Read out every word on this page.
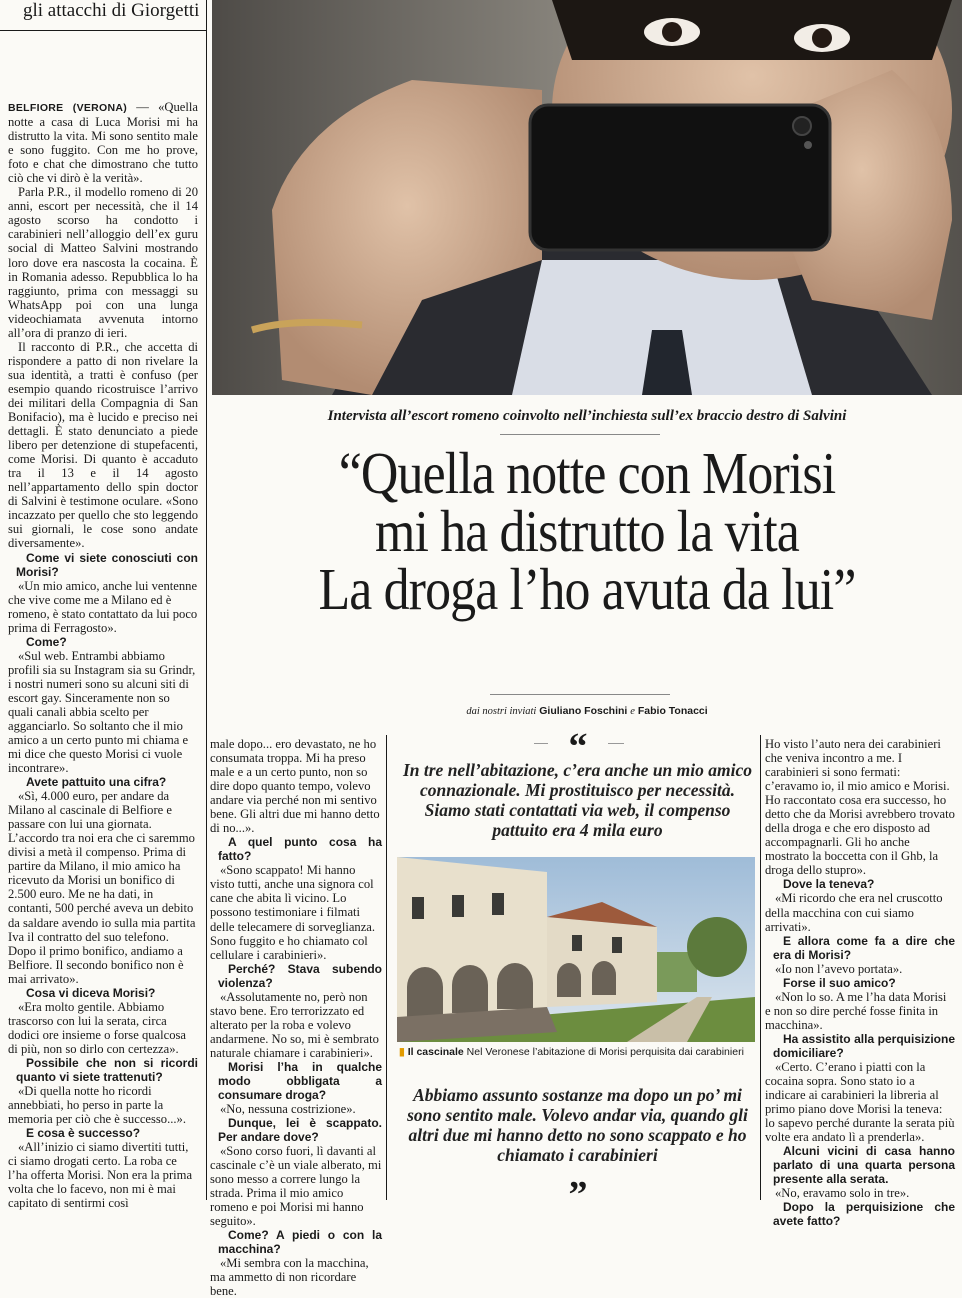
gli attacchi di Giorgetti
Intervista all’escort romeno coinvolto nell’inchiesta sull’ex braccio destro di Salvini
“Quella notte con Morisi
mi ha distrutto la vita
La droga l’ho avuta da lui”
dai nostri inviati Giuliano Foschini e Fabio Tonacci

BELFIORE (VERONA) — «Quella notte a casa di Luca Morisi mi ha distrutto la vita. Mi sono sentito male e sono fuggito. Con me ho prove, foto e chat che dimostrano che tutto ciò che vi dirò è la verità».

Parla P.R., il modello romeno di 20 anni, escort per necessità, che il 14 agosto scorso ha condotto i carabinieri nell’alloggio dell’ex guru social di Matteo Salvini mostrando loro dove era nascosta la cocaina. È in Romania adesso. Repubblica lo ha raggiunto, prima con messaggi su WhatsApp poi con una lunga videochiamata avvenuta intorno all’ora di pranzo di ieri.

Il racconto di P.R., che accetta di rispondere a patto di non rivelare la sua identità, a tratti è confuso (per esempio quando ricostruisce l’arrivo dei militari della Compagnia di San Bonifacio), ma è lucido e preciso nei dettagli. È stato denunciato a piede libero per detenzione di stupefacenti, come Morisi. Di quanto è accaduto tra il 13 e il 14 agosto nell’appartamento dello spin doctor di Salvini è testimone oculare. «Sono incazzato per quello che sto leggendo sui giornali, le cose sono andate diversamente».

Come vi siete conosciuti con Morisi?

«Un mio amico, anche lui ventenne che vive come me a Milano ed è romeno, è stato contattato da lui poco prima di Ferragosto».

Come?

«Sul web. Entrambi abbiamo profili sia su Instagram sia su Grindr, i nostri numeri sono su alcuni siti di escort gay. Sinceramente non so quali canali abbia scelto per agganciarlo. So soltanto che il mio amico a un certo punto mi chiama e mi dice che questo Morisi ci vuole incontrare».

Avete pattuito una cifra?

«Sì, 4.000 euro, per andare da Milano al cascinale di Belfiore e passare con lui una giornata. L’accordo tra noi era che ci saremmo divisi a metà il compenso. Prima di partire da Milano, il mio amico ha ricevuto da Morisi un bonifico di 2.500 euro. Me ne ha dati, in contanti, 500 perché aveva un debito da saldare avendo io sulla mia partita Iva il contratto del suo telefono. Dopo il primo bonifico, andiamo a Belfiore. Il secondo bonifico non è mai arrivato».

Cosa vi diceva Morisi?

«Era molto gentile. Abbiamo trascorso con lui la serata, circa dodici ore insieme o forse qualcosa di più, non so dirlo con certezza».

Possibile che non si ricordi quanto vi siete trattenuti?

«Di quella notte ho ricordi annebbiati, ho perso in parte la memoria per ciò che è successo...».

E cosa è successo?

«All’inizio ci siamo divertiti tutti, ci siamo drogati certo. La roba ce l’ha offerta Morisi. Non era la prima volta che lo facevo, non mi è mai capitato di sentirmi così

male dopo... ero devastato, ne ho consumata troppa. Mi ha preso male e a un certo punto, non so dire dopo quanto tempo, volevo andare via perché non mi sentivo bene. Gli altri due mi hanno detto di no...».

A quel punto cosa ha fatto?

«Sono scappato! Mi hanno visto tutti, anche una signora col cane che abita lì vicino. Lo possono testimoniare i filmati delle telecamere di sorveglianza. Sono fuggito e ho chiamato col cellulare i carabinieri».

Perché? Stava subendo violenza?

«Assolutamente no, però non stavo bene. Ero terrorizzato ed alterato per la roba e volevo andarmene. No so, mi è sembrato naturale chiamare i carabinieri».

Morisi l’ha in qualche modo obbligata a consumare droga?

«No, nessuna costrizione».

Dunque, lei è scappato. Per andare dove?

«Sono corso fuori, lì davanti al cascinale c’è un viale alberato, mi sono messo a correre lungo la strada. Prima il mio amico romeno e poi Morisi mi hanno seguito».

Come? A piedi o con la macchina?

«Mi sembra con la macchina, ma ammetto di non ricordare bene.

“
In tre nell’abitazione, c’era anche un mio amico connazionale. Mi prostituisco per necessità. Siamo stati contattati via web, il compenso pattuito era 4 mila euro
▮ Il cascinale Nel Veronese l’abitazione di Morisi perquisita dai carabinieri
Abbiamo assunto sostanze ma dopo un po’ mi sono sentito male. Volevo andar via, quando gli altri due mi hanno detto no sono scappato e ho chiamato i carabinieri
”

Ho visto l’auto nera dei carabinieri che veniva incontro a me. I carabinieri si sono fermati: c’eravamo io, il mio amico e Morisi. Ho raccontato cosa era successo, ho detto che da Morisi avrebbero trovato della droga e che ero disposto ad accompagnarli. Gli ho anche mostrato la boccetta con il Ghb, la droga dello stupro».

Dove la teneva?

«Mi ricordo che era nel cruscotto della macchina con cui siamo arrivati».

E allora come fa a dire che era di Morisi?

«Io non l’avevo portata».

Forse il suo amico?

«Non lo so. A me l’ha data Morisi e non so dire perché fosse finita in macchina».

Ha assistito alla perquisizione domiciliare?

«Certo. C’erano i piatti con la cocaina sopra. Sono stato io a indicare ai carabinieri la libreria al primo piano dove Morisi la teneva: lo sapevo perché durante la serata più volte era andato lì a prenderla».

Alcuni vicini di casa hanno parlato di una quarta persona presente alla serata.

«No, eravamo solo in tre».

Dopo la perquisizione che avete fatto?
